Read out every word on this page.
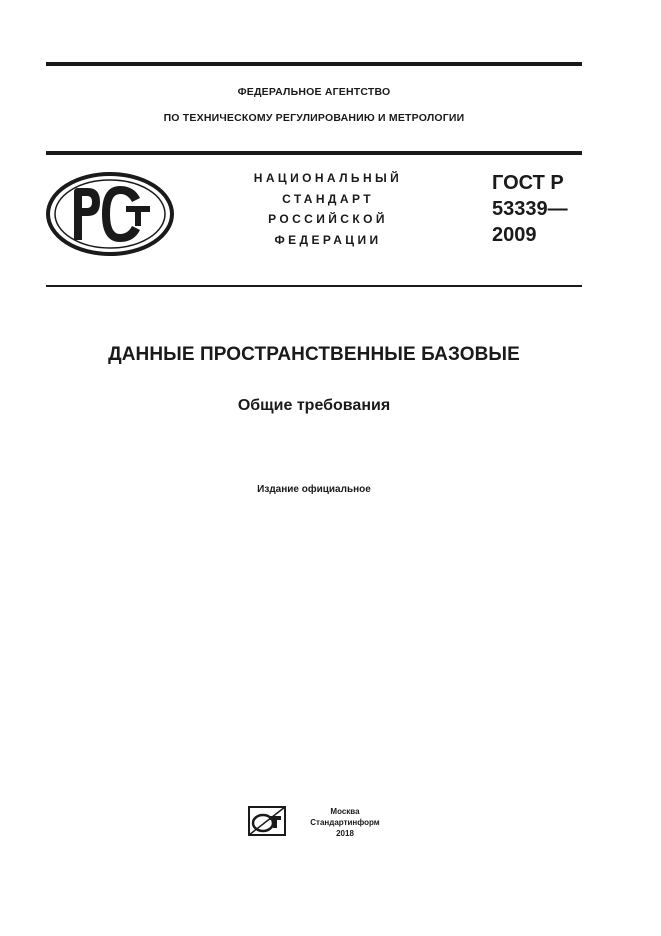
ФЕДЕРАЛЬНОЕ АГЕНТСТВО
ПО ТЕХНИЧЕСКОМУ РЕГУЛИРОВАНИЮ И МЕТРОЛОГИИ
НАЦИОНАЛЬНЫЙ
СТАНДАРТ
РОССИЙСКОЙ
ФЕДЕРАЦИИ
ГОСТ Р
53339—
2009
ДАННЫЕ ПРОСТРАНСТВЕННЫЕ БАЗОВЫЕ
Общие требования
Издание официальное
Москва
Стандартинформ
2018
